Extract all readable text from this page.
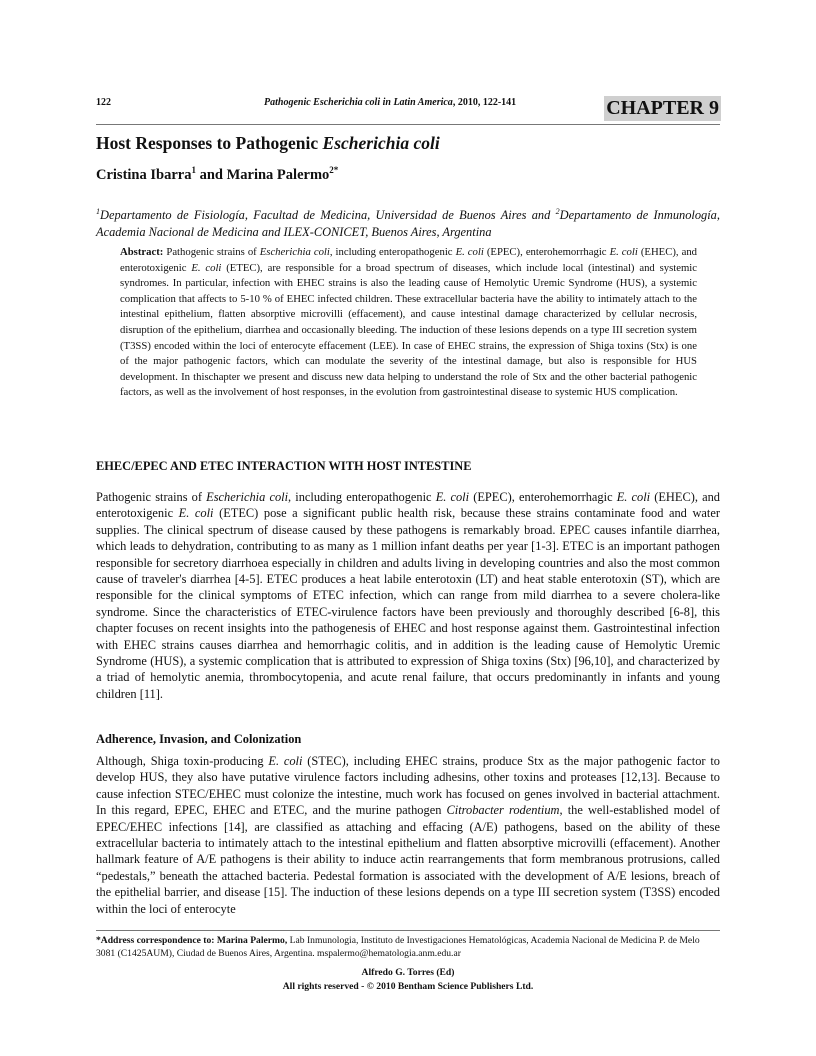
122	Pathogenic Escherichia coli in Latin America, 2010, 122-141	CHAPTER 9
Host Responses to Pathogenic Escherichia coli
Cristina Ibarra$^1$ and Marina Palermo$^{2*}$
$^1$Departamento de Fisiología, Facultad de Medicina, Universidad de Buenos Aires and $^2$Departamento de Inmunología, Academia Nacional de Medicina and ILEX-CONICET, Buenos Aires, Argentina
Abstract: Pathogenic strains of Escherichia coli, including enteropathogenic E. coli (EPEC), enterohemorrhagic E. coli (EHEC), and enterotoxigenic E. coli (ETEC), are responsible for a broad spectrum of diseases, which include local (intestinal) and systemic syndromes. In particular, infection with EHEC strains is also the leading cause of Hemolytic Uremic Syndrome (HUS), a systemic complication that affects to 5-10 % of EHEC infected children. These extracellular bacteria have the ability to intimately attach to the intestinal epithelium, flatten absorptive microvilli (effacement), and cause intestinal damage characterized by cellular necrosis, disruption of the epithelium, diarrhea and occasionally bleeding. The induction of these lesions depends on a type III secretion system (T3SS) encoded within the loci of enterocyte effacement (LEE). In case of EHEC strains, the expression of Shiga toxins (Stx) is one of the major pathogenic factors, which can modulate the severity of the intestinal damage, but also is responsible for HUS development. In thischapter we present and discuss new data helping to understand the role of Stx and the other bacterial pathogenic factors, as well as the involvement of host responses, in the evolution from gastrointestinal disease to systemic HUS complication.
EHEC/EPEC AND ETEC INTERACTION WITH HOST INTESTINE
Pathogenic strains of Escherichia coli, including enteropathogenic E. coli (EPEC), enterohemorrhagic E. coli (EHEC), and enterotoxigenic E. coli (ETEC) pose a significant public health risk, because these strains contaminate food and water supplies. The clinical spectrum of disease caused by these pathogens is remarkably broad. EPEC causes infantile diarrhea, which leads to dehydration, contributing to as many as 1 million infant deaths per year [1-3]. ETEC is an important pathogen responsible for secretory diarrhoea especially in children and adults living in developing countries and also the most common cause of traveler's diarrhea [4-5]. ETEC produces a heat labile enterotoxin (LT) and heat stable enterotoxin (ST), which are responsible for the clinical symptoms of ETEC infection, which can range from mild diarrhea to a severe cholera-like syndrome. Since the characteristics of ETEC-virulence factors have been previously and thoroughly described [6-8], this chapter focuses on recent insights into the pathogenesis of EHEC and host response against them. Gastrointestinal infection with EHEC strains causes diarrhea and hemorrhagic colitis, and in addition is the leading cause of Hemolytic Uremic Syndrome (HUS), a systemic complication that is attributed to expression of Shiga toxins (Stx) [96,10], and characterized by a triad of hemolytic anemia, thrombocytopenia, and acute renal failure, that occurs predominantly in infants and young children [11].
Adherence, Invasion, and Colonization
Although, Shiga toxin-producing E. coli (STEC), including EHEC strains, produce Stx as the major pathogenic factor to develop HUS, they also have putative virulence factors including adhesins, other toxins and proteases [12,13]. Because to cause infection STEC/EHEC must colonize the intestine, much work has focused on genes involved in bacterial attachment. In this regard, EPEC, EHEC and ETEC, and the murine pathogen Citrobacter rodentium, the well-established model of EPEC/EHEC infections [14], are classified as attaching and effacing (A/E) pathogens, based on the ability of these extracellular bacteria to intimately attach to the intestinal epithelium and flatten absorptive microvilli (effacement). Another hallmark feature of A/E pathogens is their ability to induce actin rearrangements that form membranous protrusions, called “pedestals,” beneath the attached bacteria. Pedestal formation is associated with the development of A/E lesions, breach of the epithelial barrier, and disease [15]. The induction of these lesions depends on a type III secretion system (T3SS) encoded within the loci of enterocyte
*Address correspondence to: Marina Palermo, Lab Inmunologia, Instituto de Investigaciones Hematológicas, Academia Nacional de Medicina P. de Melo 3081 (C1425AUM), Ciudad de Buenos Aires, Argentina. mspalermo@hematologia.anm.edu.ar
Alfredo G. Torres (Ed)
All rights reserved - © 2010 Bentham Science Publishers Ltd.
